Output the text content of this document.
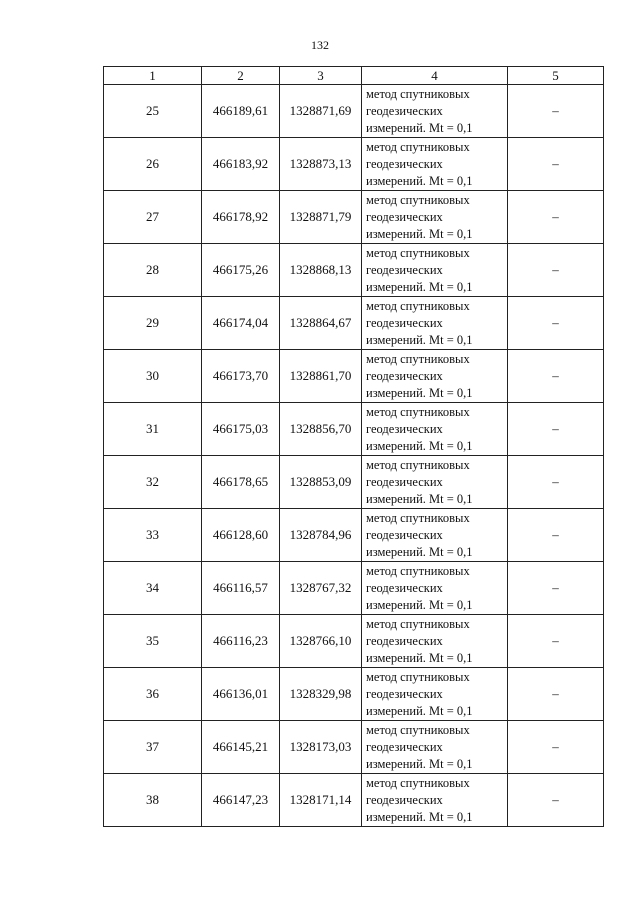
132
1	2	3	4	5
25	466189,61	1328871,69	метод спутниковых
геодезических
измерений. Mt = 0,1	–
26	466183,92	1328873,13	метод спутниковых
геодезических
измерений. Mt = 0,1	–
27	466178,92	1328871,79	метод спутниковых
геодезических
измерений. Mt = 0,1	–
28	466175,26	1328868,13	метод спутниковых
геодезических
измерений. Mt = 0,1	–
29	466174,04	1328864,67	метод спутниковых
геодезических
измерений. Mt = 0,1	–
30	466173,70	1328861,70	метод спутниковых
геодезических
измерений. Mt = 0,1	–
31	466175,03	1328856,70	метод спутниковых
геодезических
измерений. Mt = 0,1	–
32	466178,65	1328853,09	метод спутниковых
геодезических
измерений. Mt = 0,1	–
33	466128,60	1328784,96	метод спутниковых
геодезических
измерений. Mt = 0,1	–
34	466116,57	1328767,32	метод спутниковых
геодезических
измерений. Mt = 0,1	–
35	466116,23	1328766,10	метод спутниковых
геодезических
измерений. Mt = 0,1	–
36	466136,01	1328329,98	метод спутниковых
геодезических
измерений. Mt = 0,1	–
37	466145,21	1328173,03	метод спутниковых
геодезических
измерений. Mt = 0,1	–
38	466147,23	1328171,14	метод спутниковых
геодезических
измерений. Mt = 0,1	–
